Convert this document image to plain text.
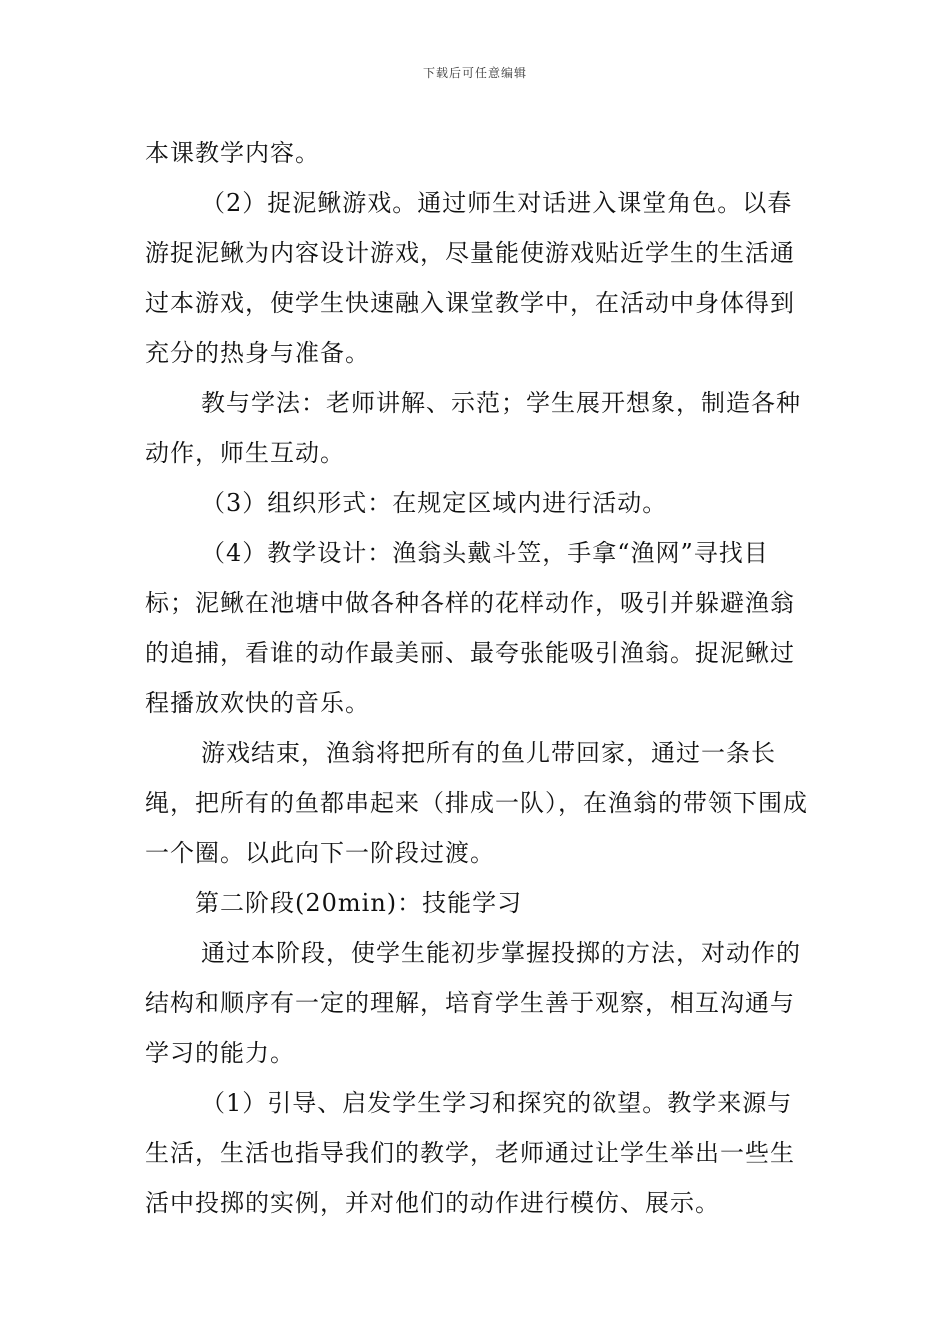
下载后可任意编辑

本课教学内容。

（2）捉泥鳅游戏。通过师生对话进入课堂角色。以春游捉泥鳅为内容设计游戏，尽量能使游戏贴近学生的生活通过本游戏，使学生快速融入课堂教学中，在活动中身体得到充分的热身与准备。

教与学法：老师讲解、示范；学生展开想象，制造各种动作，师生互动。

（3）组织形式：在规定区域内进行活动。

（4）教学设计：渔翁头戴斗笠，手拿“渔网”寻找目标；泥鳅在池塘中做各种各样的花样动作，吸引并躲避渔翁的追捕，看谁的动作最美丽、最夸张能吸引渔翁。捉泥鳅过程播放欢快的音乐。

游戏结束，渔翁将把所有的鱼儿带回家，通过一条长绳，把所有的鱼都串起来（排成一队），在渔翁的带领下围成一个圈。以此向下一阶段过渡。

第二阶段(20min)：技能学习

通过本阶段，使学生能初步掌握投掷的方法，对动作的结构和顺序有一定的理解，培育学生善于观察，相互沟通与学习的能力。

（1）引导、启发学生学习和探究的欲望。教学来源与生活，生活也指导我们的教学，老师通过让学生举出一些生活中投掷的实例，并对他们的动作进行模仿、展示。
